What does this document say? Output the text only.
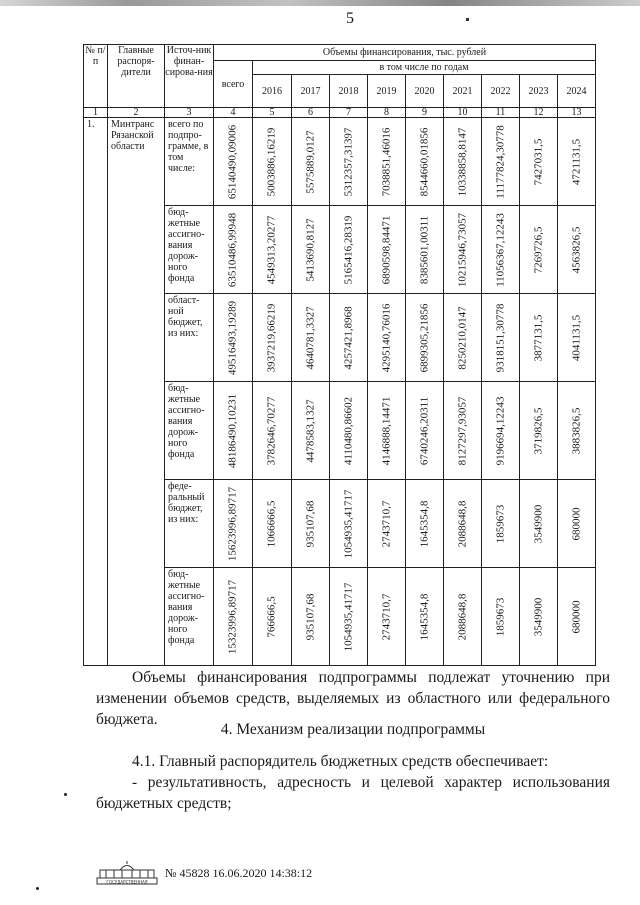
5
№ п/п	Главные распоря-дители	Источ-ник финан-сирова-ния	Объемы финансирования, тыс. рублей									
			всего	в том числе по годам								
				2016	2017	2018	2019	2020	2021	2022	2023	2024
1	2	3	4	5	6	7	8	9	10	11	12	13
1.	Минтранс Рязанской области	всего по подпро-грамме, в том числе:	65140490,09006	5003886,16219	5575889,0127	5312357,31397	7038851,46016	8544660,01856	10338858,8147	11177824,30778	7427031,5	4721131,5

		бюд-жетные ассигно-вания дорож-ного фонда	63510486,99948	4549313,20277	5413690,8127	5165416,28319	6890598,84471	8385601,00311	10215946,73057	11056367,12243	7269726,5	4563826,5

		област-ной бюджет, из них:	49516493,19289	3937219,66219	4640781,3327	4257421,8968	4295140,76016	6899305,21856	8250210,0147	9318151,30778	3877131,5	4041131,5

		бюд-жетные ассигно-вания дорож-ного фонда	48186490,10231	3782646,70277	4478583,1327	4110480,86602	4146888,14471	6740246,20311	8127297,93057	9196694,12243	3719826,5	3883826,5

		феде-ральный бюджет, из них:	15623996,89717	1066666,5	935107,68	1054935,41717	2743710,7	1645354,8	2088648,8	1859673	3549900	680000

		бюд-жетные ассигно-вания дорож-ного фонда	15323996,89717	766666,5	935107,68	1054935,41717	2743710,7	1645354,8	2088648,8	1859673	3549900	680000
Объемы финансирования подпрограммы подлежат уточнению при изменении объемов средств, выделяемых из областного или федерального бюджета.
4. Механизм реализации подпрограммы
4.1. Главный распорядитель бюджетных средств обеспечивает:
- результативность, адресность и целевой характер использования бюджетных средств;
ГОСУДАРСТВЕННАЯ
№ 45828 16.06.2020 14:38:12
